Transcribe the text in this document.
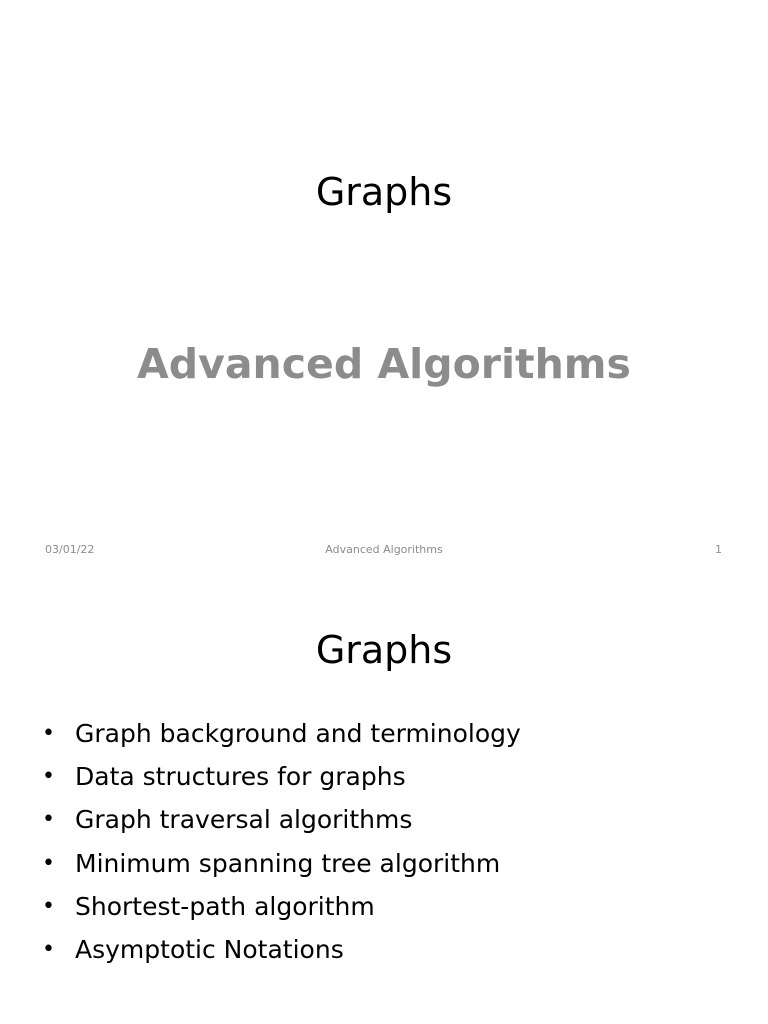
Graphs
Advanced Algorithms
03/01/22	Advanced Algorithms	1
Graphs
• Graph background and terminology
• Data structures for graphs
• Graph traversal algorithms
• Minimum spanning tree algorithm
• Shortest-path algorithm
• Asymptotic Notations
